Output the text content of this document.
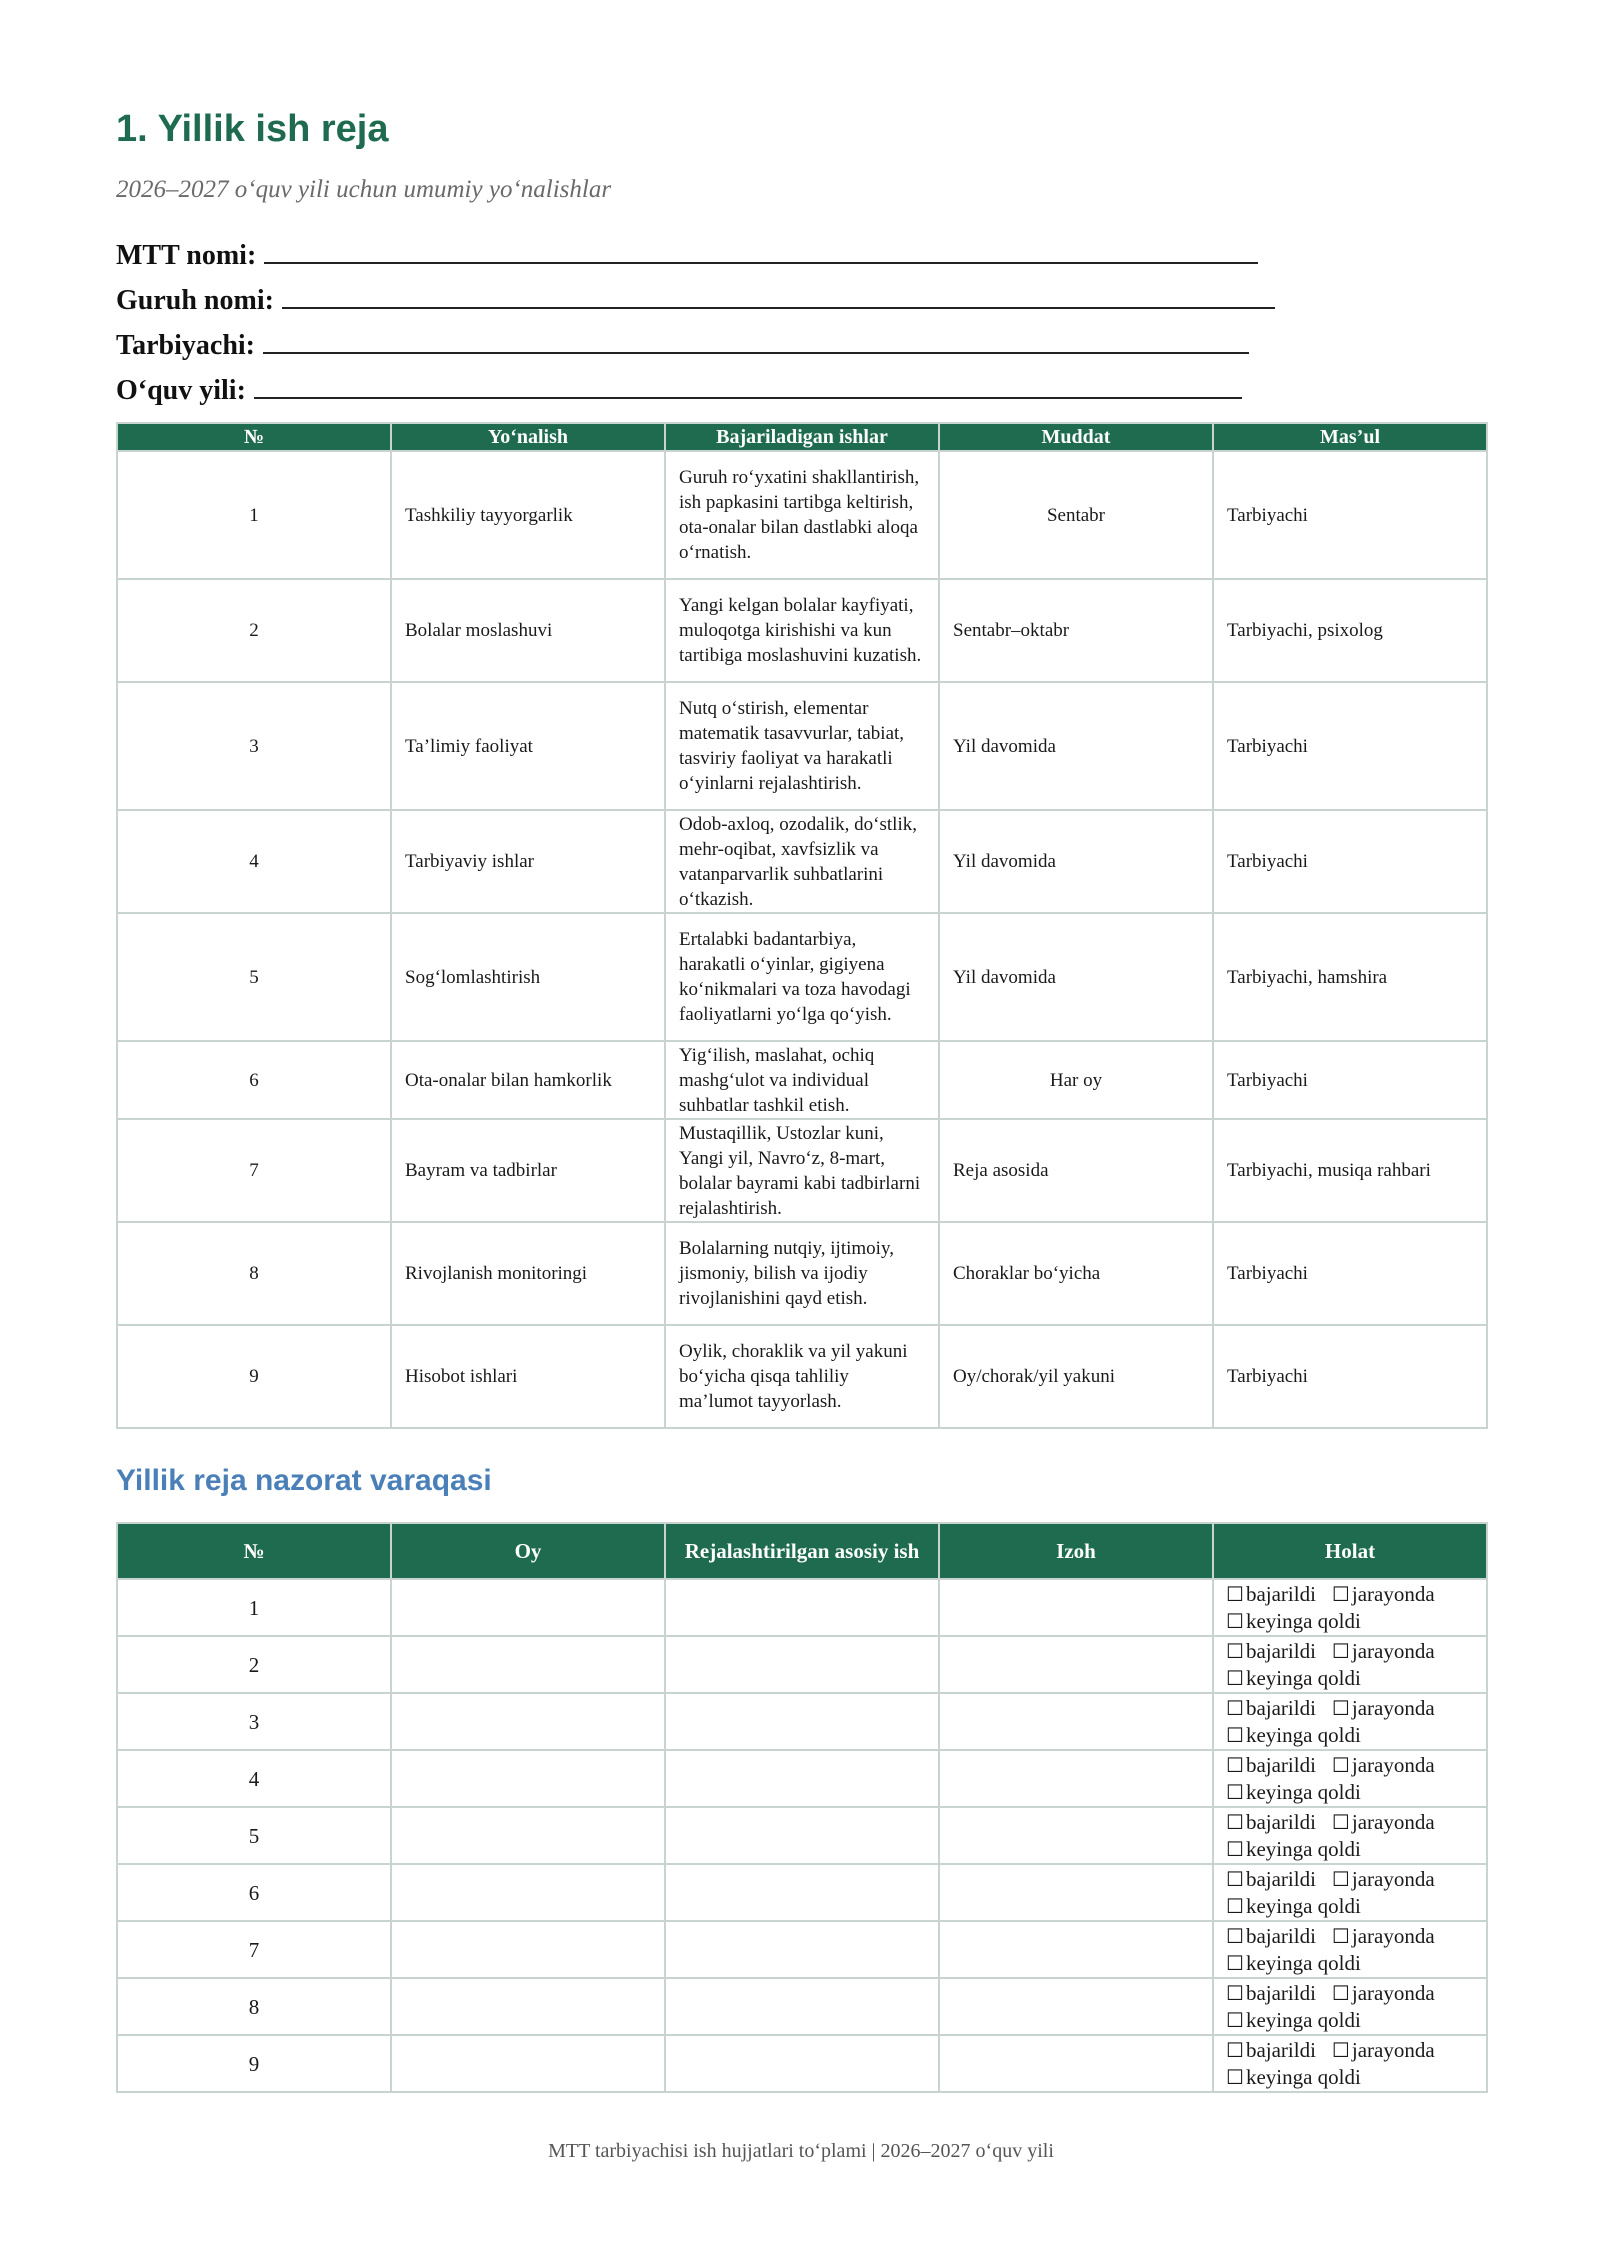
1. Yillik ish reja
2026–2027 o‘quv yili uchun umumiy yo‘nalishlar
MTT nomi:
Guruh nomi:
Tarbiyachi:
O‘quv yili:
№	Yo‘nalish	Bajariladigan ishlar	Muddat	Mas’ul
1	Tashkiliy tayyorgarlik	Guruh ro‘yxatini shakllantirish, ish papkasini tartibga keltirish, ota-onalar bilan dastlabki aloqa o‘rnatish.	Sentabr	Tarbiyachi
2	Bolalar moslashuvi	Yangi kelgan bolalar kayfiyati, muloqotga kirishishi va kun tartibiga moslashuvini kuzatish.	Sentabr–oktabr	Tarbiyachi, psixolog
3	Ta’limiy faoliyat	Nutq o‘stirish, elementar matematik tasavvurlar, tabiat, tasviriy faoliyat va harakatli o‘yinlarni rejalashtirish.	Yil davomida	Tarbiyachi
4	Tarbiyaviy ishlar	Odob-axloq, ozodalik, do‘stlik, mehr-oqibat, xavfsizlik va vatanparvarlik suhbatlarini o‘tkazish.	Yil davomida	Tarbiyachi
5	Sog‘lomlashtirish	Ertalabki badantarbiya, harakatli o‘yinlar, gigiyena ko‘nikmalari va toza havodagi faoliyatlarni yo‘lga qo‘yish.	Yil davomida	Tarbiyachi, hamshira
6	Ota-onalar bilan hamkorlik	Yig‘ilish, maslahat, ochiq mashg‘ulot va individual suhbatlar tashkil etish.	Har oy	Tarbiyachi
7	Bayram va tadbirlar	Mustaqillik, Ustozlar kuni, Yangi yil, Navro‘z, 8-mart, bolalar bayrami kabi tadbirlarni rejalashtirish.	Reja asosida	Tarbiyachi, musiqa rahbari
8	Rivojlanish monitoringi	Bolalarning nutqiy, ijtimoiy, jismoniy, bilish va ijodiy rivojlanishini qayd etish.	Choraklar bo‘yicha	Tarbiyachi
9	Hisobot ishlari	Oylik, choraklik va yil yakuni bo‘yicha qisqa tahliliy ma’lumot tayyorlash.	Oy/chorak/yil yakuni	Tarbiyachi
Yillik reja nazorat varaqasi
№	Oy	Rejalashtirilgan asosiy ish	Izoh	Holat
1				☐bajarildi ☐jarayonda
☐keyinga qoldi

2				☐bajarildi ☐jarayonda
☐keyinga qoldi

3				☐bajarildi ☐jarayonda
☐keyinga qoldi

4				☐bajarildi ☐jarayonda
☐keyinga qoldi

5				☐bajarildi ☐jarayonda
☐keyinga qoldi

6				☐bajarildi ☐jarayonda
☐keyinga qoldi

7				☐bajarildi ☐jarayonda
☐keyinga qoldi

8				☐bajarildi ☐jarayonda
☐keyinga qoldi

9				☐bajarildi ☐jarayonda
☐keyinga qoldi
MTT tarbiyachisi ish hujjatlari to‘plami | 2026–2027 o‘quv yili
